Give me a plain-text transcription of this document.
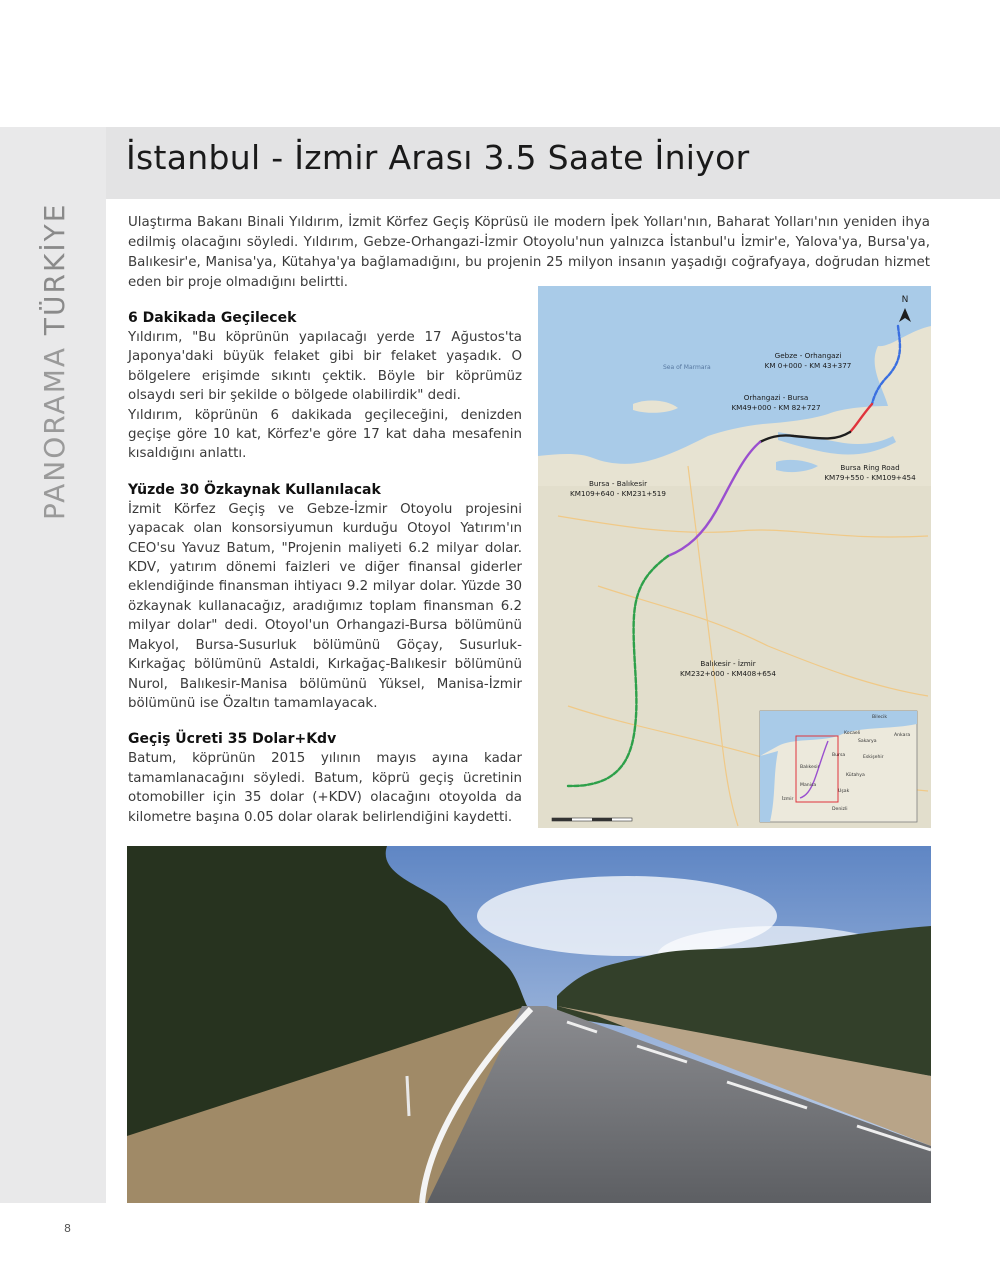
İstanbul - İzmir Arası 3.5 Saate İniyor
PANORAMA TÜRKİYE	Ulaştırma Bakanı Binali Yıldırım, İzmit Körfez Geçiş Köprüsü ile modern İpek Yolları'nın, Baharat Yolları'nın yeniden ihya edilmiş olacağını söyledi. Yıldırım, Gebze-Orhangazi-İzmir Otoyolu'nun yalnızca İstanbul'u İzmir'e, Yalova'ya, Bursa'ya, Balıkesir'e, Manisa'ya, Kütahya'ya bağlamadığını, bu projenin 25 milyon insanın yaşadığı coğrafyaya, doğrudan hizmet eden bir proje olmadığını belirtti.

6 Dakikada Geçilecek

Yıldırım, "Bu köprünün yapılacağı yerde 17 Ağustos'ta Japonya'daki büyük felaket gibi bir felaket yaşadık. O bölgelere erişimde sıkıntı çektik. Böyle bir köprümüz olsaydı seri bir şekilde o bölgede olabilirdik" dedi.

Yıldırım, köprünün 6 dakikada geçileceğini, denizden geçişe göre 10 kat, Körfez'e göre 17 kat daha mesafenin kısaldığını anlattı.

Yüzde 30 Özkaynak Kullanılacak

İzmit Körfez Geçiş ve Gebze-İzmir Otoyolu projesini yapacak olan konsorsiyumun kurduğu Otoyol Yatırım'ın CEO'su Yavuz Batum, "Projenin maliyeti 6.2 milyar dolar. KDV, yatırım dönemi faizleri ve diğer finansal giderler eklendiğinde finansman ihtiyacı 9.2 milyar dolar. Yüzde 30 özkaynak kullanacağız, aradığımız toplam finansman 6.2 milyar dolar" dedi. Otoyol'un Orhangazi-Bursa bölümünü Makyol, Bursa-Susurluk bölümünü Göçay, Susurluk-Kırkağaç bölümünü Astaldi, Kırkağaç-Balıkesir bölümünü Nurol, Balıkesir-Manisa bölümünü Yüksel, Manisa-İzmir bölümünü ise Özaltın tamamlayacak.

Geçiş Ücreti 35 Dolar+Kdv

Batum, köprünün 2015 yılının mayıs ayına kadar tamamlanacağını söyledi. Batum, köprü geçiş ücretinin otomobiller için 35 dolar (+KDV) olacağını otoyolda da kilometre başına 0.05 dolar olarak belirlendiğini kaydetti.

N
Sea of Marmara
Gebze - Orhangazi
KM 0+000 - KM 43+377
Orhangazi - Bursa
KM49+000 - KM 82+727
Bursa Ring Road
KM79+550 - KM109+454
Bursa - Balıkesir
KM109+640 - KM231+519
Balıkesir - İzmir
KM232+000 - KM408+654
Bilecik
Kocaeli
Sakarya
Ankara
Bursa	Eskişehir
Balıkesir
Kütahya
Manisa
İzmir
Uşak
Denizli
8
